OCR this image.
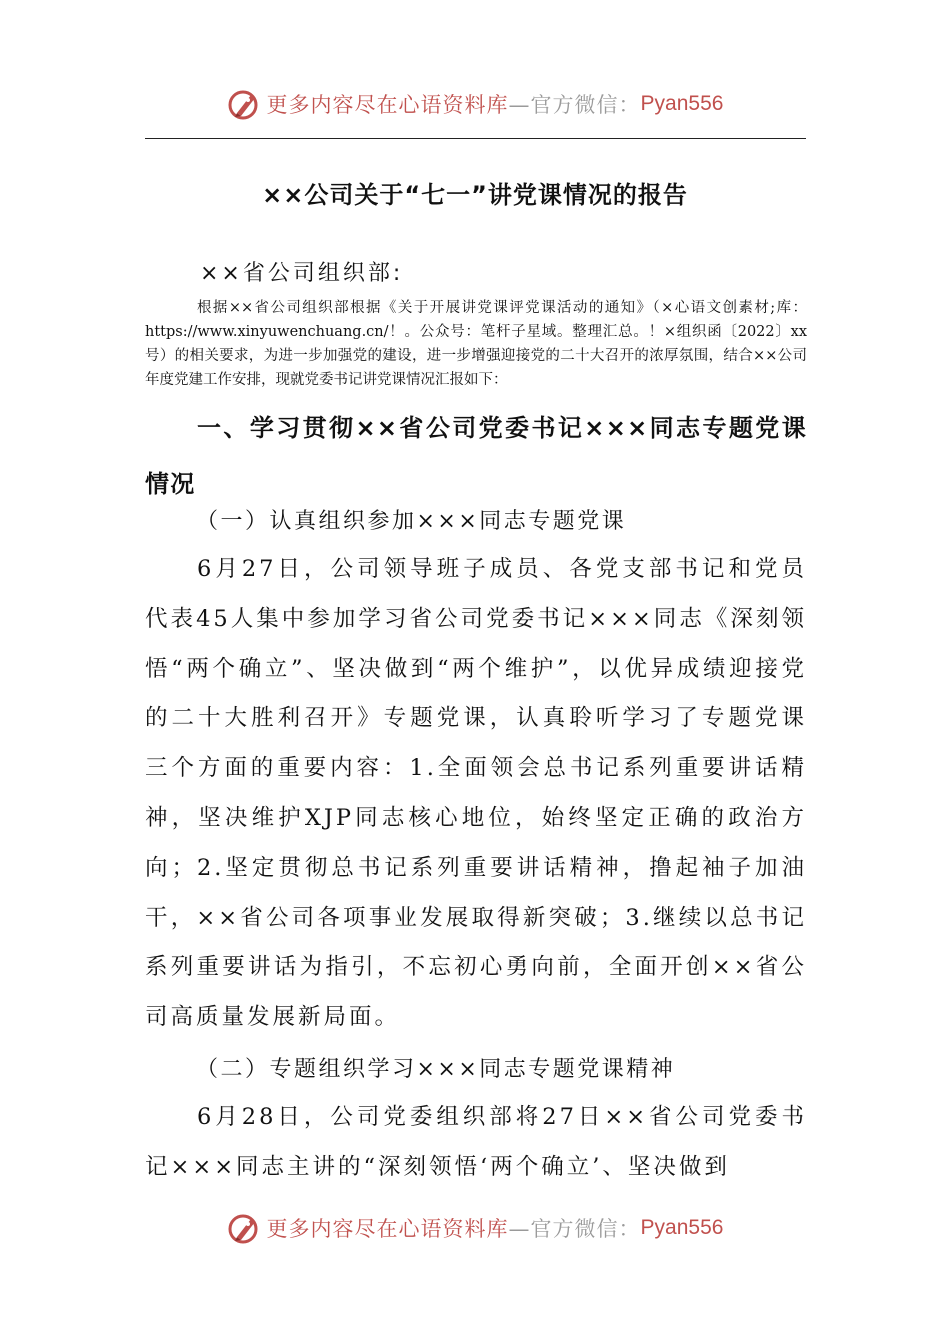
更多内容尽在心语资料库 —官方微信： Pyan556
××公司关于“七一”讲党课情况的报告
××省公司组织部:

根据××省公司组织部根据《关于开展讲党课评党课活动的通知》（×心语文创素材;库：https://www.xinyuwenchuang.cn/！。公众号：笔杆子星域。整理汇总。！×组织函〔2022〕xx号）的相关要求，为进一步加强党的建设，进一步增强迎接党的二十大召开的浓厚氛围，结合××公司年度党建工作安排，现就党委书记讲党课情况汇报如下：

一、学习贯彻××省公司党委书记×××同志专题党课情况
（一）认真组织参加×××同志专题党课

6月27日，公司领导班子成员、各党支部书记和党员代表45人集中参加学习省公司党委书记×××同志《深刻领悟“两个确立”、坚决做到“两个维护”，以优异成绩迎接党的二十大胜利召开》专题党课，认真聆听学习了专题党课三个方面的重要内容：1.全面领会总书记系列重要讲话精神，坚决维护XJP同志核心地位，始终坚定正确的政治方向；2.坚定贯彻总书记系列重要讲话精神，撸起袖子加油干，××省公司各项事业发展取得新突破；3.继续以总书记系列重要讲话为指引，不忘初心勇向前，全面开创××省公司高质量发展新局面。

（二）专题组织学习×××同志专题党课精神

6月28日，公司党委组织部将27日××省公司党委书记×××同志主讲的“深刻领悟‘两个确立’、坚决做到

更多内容尽在心语资料库 —官方微信： Pyan556
